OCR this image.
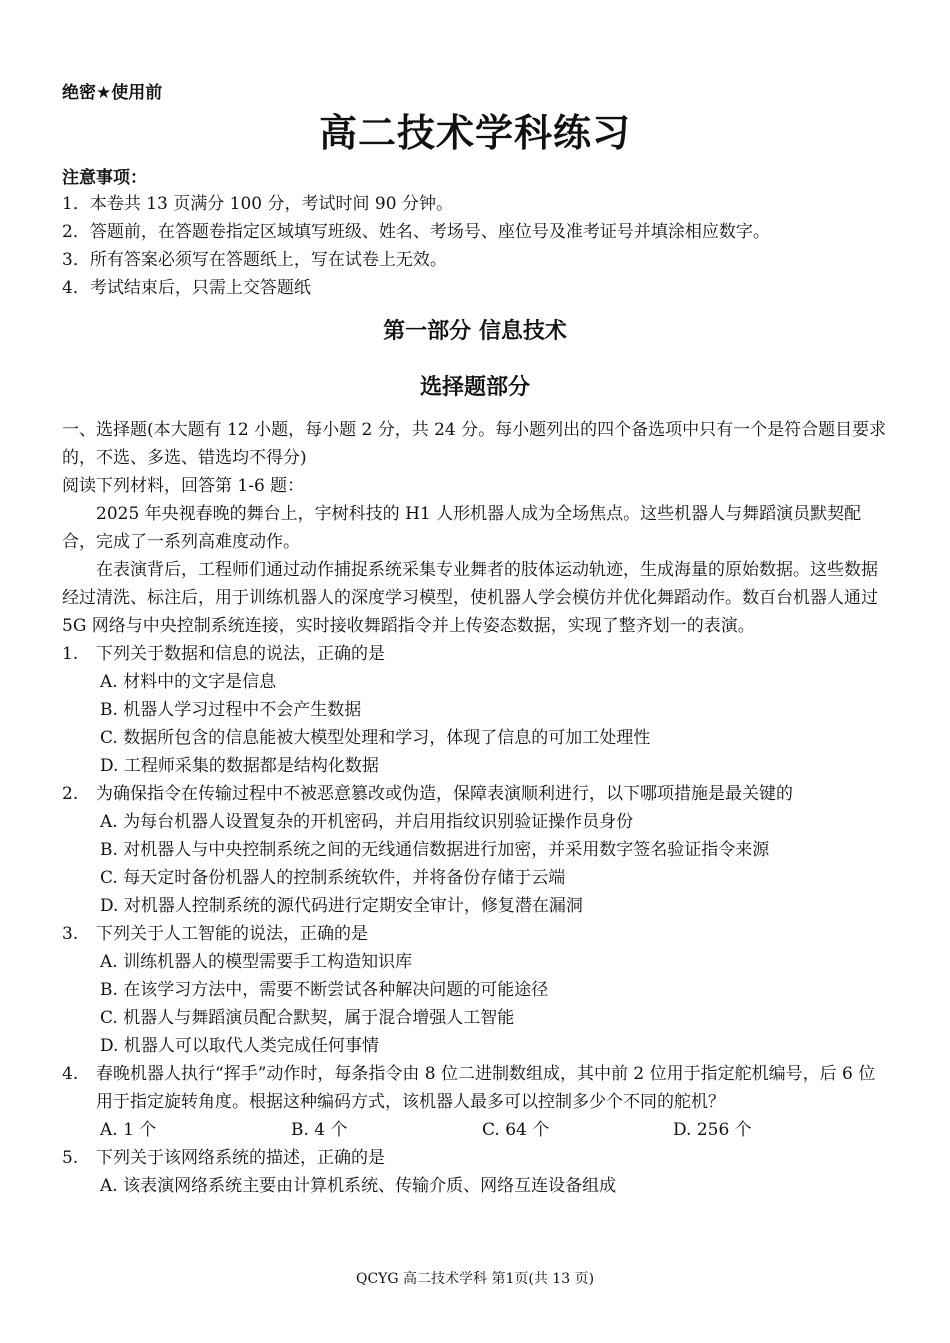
绝密★使用前
高二技术学科练习
注意事项：
1．本卷共 13 页满分 100 分，考试时间 90 分钟。
2．答题前，在答题卷指定区域填写班级、姓名、考场号、座位号及准考证号并填涂相应数字。
3．所有答案必须写在答题纸上，写在试卷上无效。
4．考试结束后，只需上交答题纸
第一部分 信息技术
选择题部分

一、选择题(本大题有 12 小题，每小题 2 分，共 24 分。每小题列出的四个备选项中只有一个是符合题目要求的，不选、多选、错选均不得分)

阅读下列材料，回答第 1-6 题：

2025 年央视春晚的舞台上，宇树科技的 H1 人形机器人成为全场焦点。这些机器人与舞蹈演员默契配合，完成了一系列高难度动作。

在表演背后，工程师们通过动作捕捉系统采集专业舞者的肢体运动轨迹，生成海量的原始数据。这些数据经过清洗、标注后，用于训练机器人的深度学习模型，使机器人学会模仿并优化舞蹈动作。数百台机器人通过 5G 网络与中央控制系统连接，实时接收舞蹈指令并上传姿态数据，实现了整齐划一的表演。

1. 下列关于数据和信息的说法，正确的是
A. 材料中的文字是信息
B. 机器人学习过程中不会产生数据
C. 数据所包含的信息能被大模型处理和学习，体现了信息的可加工处理性
D. 工程师采集的数据都是结构化数据
2. 为确保指令在传输过程中不被恶意篡改或伪造，保障表演顺利进行，以下哪项措施是最关键的
A. 为每台机器人设置复杂的开机密码，并启用指纹识别验证操作员身份
B. 对机器人与中央控制系统之间的无线通信数据进行加密，并采用数字签名验证指令来源
C. 每天定时备份机器人的控制系统软件，并将备份存储于云端
D. 对机器人控制系统的源代码进行定期安全审计，修复潜在漏洞
3. 下列关于人工智能的说法，正确的是
A. 训练机器人的模型需要手工构造知识库
B. 在该学习方法中，需要不断尝试各种解决问题的可能途径
C. 机器人与舞蹈演员配合默契，属于混合增强人工智能
D. 机器人可以取代人类完成任何事情
4. 春晚机器人执行“挥手”动作时，每条指令由 8 位二进制数组成，其中前 2 位用于指定舵机编号，后 6 位用于指定旋转角度。根据这种编码方式，该机器人最多可以控制多少个不同的舵机？
A. 1 个	B. 4 个	C. 64 个	D. 256 个
5. 下列关于该网络系统的描述，正确的是
A. 该表演网络系统主要由计算机系统、传输介质、网络互连设备组成
QCYG 高二技术学科 第1页(共 13 页)
